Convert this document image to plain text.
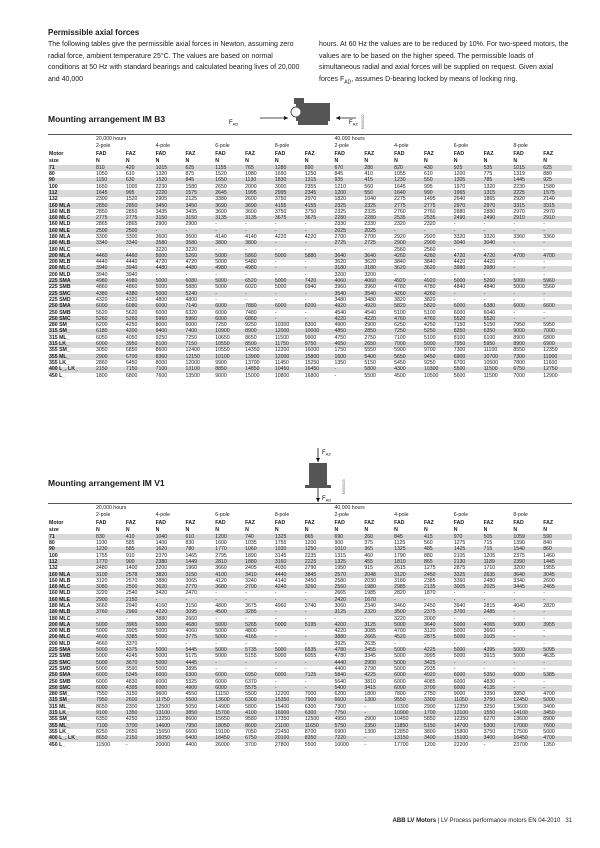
Permissible axial forces

The following tables give the permissible axial forces in Newton, assuming zero radial force, ambient temperature 25°C. The values are based on normal conditions at 50 Hz with standard bearings and calculated bearing lives of 20,000 and 40,000

hours. At 60 Hz the values are to be reduced by 10%. For two-speed motors, the values are to be based on the higher speed. The permissible loads of simultaneous radial and axial forces will be supplied on request. Given axial forces $F_{AD}$, assumes D-bearing locked by means of locking ring.

Mounting arrangement IM B3	$F_{AD}$	$F_{AZ}$ M000022
	20,000 hours								40,000 hours							
	2-pole		4-pole		6-pole		8-pole		2-pole		4-pole		6-pole		8-pole	
Motor	FAD	FAZ	FAD	FAZ	FAD	FAZ	FAD	FAZ	FAD	FAZ	FAD	FAZ	FAD	FAZ	FAD	FAZ
size	N	N	N	N	N	N	N	N	N	N	N	N	N	N	N	N
71	810	420	1015	625	1155	765	1280	890	670	280	820	430	925	535	1015	625
80	1050	610	1320	875	1520	1080	1690	1250	845	410	1055	610	1200	775	1319	880
90	1150	630	1520	845	1650	1130	1830	1315	935	415	1230	550	1305	785	1445	925
100	1650	1000	2230	1580	2650	2000	3000	2355	1210	560	1645	995	1970	1320	2230	1580
112	1645	995	2220	1575	2645	1995	2995	2345	1200	550	1640	990	1965	1315	2225	1575
132	2300	1520	2905	2125	3380	2600	3750	2970	1820	1040	2275	1495	2640	1865	2920	2140
160 MLA	2850	2850	3450	3450	3690	3690	4155	4155	2325	2325	2775	2775	2970	2970	3315	3315
160 MLB	2850	2850	3435	3435	3600	3600	3750	3750	2325	2325	2760	2760	2880	2880	2970	2970
160 MLC	2775	2775	3150	3150	3135	3135	3675	3675	2280	2280	2535	2535	2490	2490	2910	2910
160 MLD	2865	2865	2900	2900	-	-	-	-	2330	2330	2320	2320	-	-	-	-
160 MLE	2500	2500	-	-	-	-	-	-	2025	2025	-	-	-	-	-	-
180 MLA	3300	3300	3600	3600	4140	4140	4220	4220	2700	2700	2920	2920	3320	3320	3360	3360
180 MLB	3340	3340	3580	3580	3800	3800	-	-	2725	2725	2900	2900	3040	3040	-	-
180 MLC	-	-	3220	3220	-	-	-	-	-	-	2560	2560	-	-	-	-
200 MLA	4460	4460	5000	5260	5000	5860	5000	5880	3640	3640	4260	4260	4720	4720	4700	4700
200 MLB	4440	4440	4720	4720	5000	5480	-	-	3620	3620	3840	3840	4420	4420	-	-
200 MLC	3940	3940	4480	4480	4980	4980	-	-	3180	3180	3620	3620	3980	3980	-	-
200 MLD	3940	3940	-	-	-	-	-	-	3200	3200	-	-	-	-	-	-
225 SMA	4980	4980	5000	6080	5000	6520	5000	7420	4060	4060	4920	4920	5000	5260	5000	5960
225 SMB	4860	4860	5000	5880	5000	6020	5000	6940	3960	3960	4780	4780	4840	4840	5000	5560
225 SMC	4380	4380	5000	5240	-	-	-	-	3540	3540	4260	4260	-	-	-	-
225 SMD	4320	4320	4800	4800	-	-	-	-	3480	3480	3820	3820	-	-	-	-
250 SMA	6000	6080	6000	7140	6000	7880	6000	8200	4920	4920	5820	5820	6000	6380	6000	6600
250 SMB	5620	5620	6000	6320	6000	7480	-	-	4540	4540	5100	5100	6000	6040	-	-
250 SMC	5260	5260	5960	5960	6000	6860	-	-	4220	4220	4760	4760	5520	5520	-	-
280 SM_	6200	4250	8000	6000	7250	9250	10300	8300	4900	2900	6250	4250	7150	5150	7950	5950
315 SM_	6180	4200	9400	7400	10900	8900	12000	10000	4850	2850	7250	5250	8350	6350	9000	7000
315 ML_	6050	4050	9250	7250	10650	8650	11500	9900	4750	2750	7100	5100	8100	6100	8900	6800
315 LK_	6000	3950	8100	7150	10550	8500	11750	9750	4650	2650	7000	5000	7950	5950	8900	6900
355 SM_	3050	6850	8600	12400	10550	14350	12200	16000	1750	5550	5900	9700	7300	11100	8550	12350
355 ML_	2900	6700	8360	12150	10100	13900	12000	15800	1600	5400	5650	9450	6900	10700	7300	11000
355 LK_	2860	6450	8000	12000	9900	13700	11450	15250	1350	5150	5450	9250	6700	10500	7800	11600
400 L_, LK_	2150	7150	7100	13100	8850	14850	10450	16450	-	5800	4300	10300	5500	11500	6750	12750
450 L_	1800	6800	7600	13500	9000	15000	10800	16800	-	5500	4500	10500	5600	11500	7000	12900
Mounting arrangement IM V1
$F_{AZ}$
$F_{AD}$
M000023
	20,000 hours								40,000 hours							
	2-pole		4-pole		6-pole		8-pole		2-pole		4-pole		6-pole		8-pole	
Motor	FAD	FAZ	FAD	FAZ	FAD	FAZ	FAD	FAZ	FAD	FAZ	FAD	FAZ	FAD	FAZ	FAD	FAZ
size	N	N	N	N	N	N	N	N	N	N	N	N	N	N	N	N
71	830	410	1040	610	1200	740	1325	865	690	260	845	415	970	505	1059	590
80	1100	585	1400	830	1600	1035	1755	1200	900	375	1125	560	1275	715	1390	840
90	1230	585	1620	780	1770	1060	1930	1250	1010	365	1325	485	1425	715	1540	860
100	1755	910	2370	1465	2795	1890	3145	2235	1315	460	1790	880	2105	1205	2375	1460
112	1770	900	2380	1449	2810	1880	3160	2225	1325	455	1810	865	2130	1189	2390	1445
132	2480	1400	3200	1960	3660	2405	4030	2790	1950	915	2615	1275	2875	1710	3200	1955
160 MLA	3100	2578	3820	3150	4100	3410	4440	3845	2570	2048	3120	2450	3325	2635	3640	3045
160 MLB	3120	2570	3880	3065	4120	3240	4140	3450	2580	2030	3180	2385	3360	2480	3340	2600
160 MLC	3080	2500	3620	2770	3680	2700	4240	3260	2560	1980	2985	2135	3005	2025	3445	2465
160 MLD	3220	2540	3420	2470	-	-	-	-	2665	1985	2820	1870	-	-	-	-
160 MLE	2900	2150	-	-	-	-	-	-	2420	1670	-	-	-	-	-	-
180 MLA	3660	2940	4160	3150	4800	3675	4960	3740	3060	2340	3460	2450	3940	2815	4040	2820
180 MLB	3760	2960	4220	3095	4500	3285	-	-	3125	2320	3500	2375	3700	2485	-	-
180 MLC	-	-	3880	2660	-	-	-	-	-	-	3220	2000	-	-	-	-
200 MLA	5000	3965	5000	4680	5000	5265	5000	5195	4200	3125	5000	3640	5000	4065	5000	3955
200 MLB	5000	3905	5000	4060	5000	4800	-	-	4220	3085	4700	3120	5000	3660	-	-
200 MLC	4600	3385	5000	3775	5000	4165	-	-	3880	2665	4520	2875	5000	3105	-	-
200 MLD	4660	3370	-	-	-	-	-	-	3925	2635	-	-	-	-	-	-
225 SMA	5000	4375	5000	5445	5000	5735	5000	6535	4780	3455	5000	4225	5000	4395	5000	5095
225 SMB	5000	4245	5000	5175	5000	5155	5000	6055	4780	3345	5000	3995	5000	3915	5000	4635
225 SMC	5000	3670	5000	4445	-	-	-	-	4440	2900	5000	3425	-	-	-	-
225 SMD	5000	3590	5000	3895	-	-	-	-	4400	2790	5000	2935	-	-	-	-
250 SMA	6000	5345	6000	6300	6000	6950	6000	7125	5840	4225	6000	4920	6000	5350	6000	5385
250 SMB	6000	4830	6000	5325	6000	6370	-	-	5640	3810	6000	4085	6000	4830	-	-
250 SMC	6000	4395	6000	4900	6000	5575	-	-	5400	3415	6000	3700	6000	4135	-	-
280 SM_	7550	3150	9600	4550	11150	5500	12200	7000	6200	1800	7800	2750	9000	3350	9850	4700
315 SM_	7950	2600	11750	5500	13600	6300	15350	7900	6600	1300	9550	3300	11050	3750	12450	5000
315 ML_	8650	2300	12500	5050	14900	5800	15400	6300	7300	-	10300	2900	12350	3250	13600	3400
315 LK_	9100	1350	13100	3850	15700	4100	16900	6300	7750	-	10900	1700	13100	1550	14100	3450
355 SM_	6350	4250	13250	8600	15650	9580	17350	12500	4950	2900	10450	5850	12350	6270	13600	8900
355 ML_	7100	3700	14600	7950	18050	8600	21100	11650	5750	2350	11850	5150	14700	5300	17000	7600
355 LK_	8250	2650	15650	6600	19100	7050	22450	8700	6900	1300	12850	3800	15800	3750	17500	5000
400 L_, LK_	8650	2150	16050	6400	18450	6750	20100	8350	7220	-	13150	3400	15100	3400	16450	4700
450 L_	11500	-	20000	4400	26000	3700	27800	5500	10000	-	17700	1200	22200	-	23700	1350
ABB LV Motors | LV Process performance motors EN 04-2010 31
